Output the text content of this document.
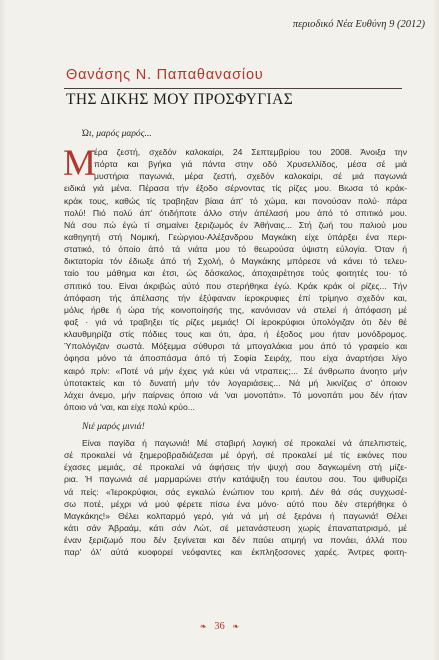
περιοδικό Νέα Ευθύνη 9 (2012)
Θανάσης Ν. Παπαθανασίου
ΤΗΣ ΔΙΚΗΣ ΜΟΥ ΠΡΟΣΦΥΓΙΑΣ
Ώι, μαρός μαρός...
Μ
έρα ζεστή, σχεδόν καλοκαίρι, 24 Σεπτεμβρίου του 2008. Άνοιξα την
πόρτα και βγήκα γιά πάντα στην οδό Χρυσελλίδος, μέσα σέ μιά
μυστήρια παγωνιά, μέρα ζεστή, σχεδόν καλοκαίρι, σέ μιά παγωνιά
ειδικά γιά μένα. Πέρασα τήν έξοδο σέρνοντας τίς ρίζες μου. Βιωσα τό κράκ-
κράκ τους, καθώς τίς τραβηξαν βίαια άπ' τό χώμα, και πονούσαν πολύ· πάρα
πολύ! Πιό πολύ άπ' ότιδήποτε άλλο στήν άπέλασή μου άπό τό σπιτικό μου.
Νά σου πώ έγώ τί σημαίνει ξεριζωμός έν Άθήναις... Στή ζωή του παλιού μου
καθηγητή στή Νομική, Γεώργιου-Αλέξανδρου Μαγκάκη είχε ύπάρξει ένα περι-
στατικό, τό όποίο άπό τά νιάτα μου τό θεωρούσα ύψιστη εύλογία. Όταν ή
δικτατορία τόν έδιωξε άπό τή Σχολή, ό Μαγκάκης μπόρεσε νά κάνει τό τελευ-
ταίο του μάθημα και έτσι, ώς δάσκαλος, άποχαιρέτησε τούς φοιτητές του· τό
σπιτικό του. Είναι άκριβώς αύτό που στερήθηκα έγώ. Κράκ κράκ οί ρίζες... Τήν
άπόφαση τής άπέλασης τήν έξύφαναν ίεροκρυφιες έπί τρίμηνο σχεδόν και,
μόλις ήρθε ή ώρα τής κοινοποίησής της, κανόνισαν νά στελεί ή άπόφαση μέ
φαξ · γιά νά τραβηξει τίς ρίζες μεμιάς! Οί ίεροκρύφιοι ύπολόγιζαν ότι δέν θέ
κλαυθμηρίζα στίς πόδιες τους και ότι, άρα, ή έξοδος μου ήταν μονόδρομος.
Ύπολόγιζαν σωστά. Μόξεμμα σύθυρσι τά μπογαλάκια μου άπό τό γραφείο και
όφησα μόνο τά άποσπάσμα άπό τή Σοφία Σειράχ, που είχα άναρτήσει λίγο
καιρό πρίν: «Ποτέ νά μήν έχεις γιά κύει νά ντραπεις;... Σέ άνθρωπο άνοητο μήν
ύποτακτείς και τό δυνατή μήν τόν λογαριάσεις... Νά μή λικνίζεις σ' όποιον
λάχει άνεμο, μήν παίρνεις όποιο νά 'ναι μονοπάτι». Τό μονοπάτι μου δέν ήταν
όποιο νά 'ναι, και είχε πολύ κρύο...
Νιέ μαρός μινιά!
Είναι παγίδα ή παγωνιά! Μέ σταβιρή λογική σέ προκαλεί νά άπελπιστείς,
σέ προκαλεί νά ξημεροβραδιάζεσαι μέ όργή, σέ προκαλεί μέ τίς εικόνες που
έχασες μεμιάς, σέ προκαλεί νά άφήσεις τήν ψυχή σου δαγκωμένη στή μίζε-
ρια. Ή παγωνιά σέ μαρμαρώνει στήν κατάψυξη του έαυτου σου. Του ψιθυρίζει
νά πείς: «Ίεροκρύφιοι, σάς εγκαλώ ένώπιον του κριτή. Δέν θά σάς συγχωσέ-
σω ποτέ, μέχρι νά μού φέρετε πίσω ένα μόνο· αύτό που δέν στερήθηκε ό
Μαγκάκης!» Θέλει κολπαρμό γερό, γιά νά μή σέ ξεράνει ή παγωνιά! Θέλει
κάτι σάν Άβραάμ, κάτι σάν Λώτ, σέ μετανάστευση χωρίς έπαναπατρισμό, μέ
έναν ξεριζωμό που δέν ξεγίνεται και δέν παύει ατιμηή να πονάει, άλλά που
παρ' όλ' αύτά κυοφορεί νεόφαντες και έκπληξοσονες χαρές. Άντρες φοιτη-
❧ 36 ❧
